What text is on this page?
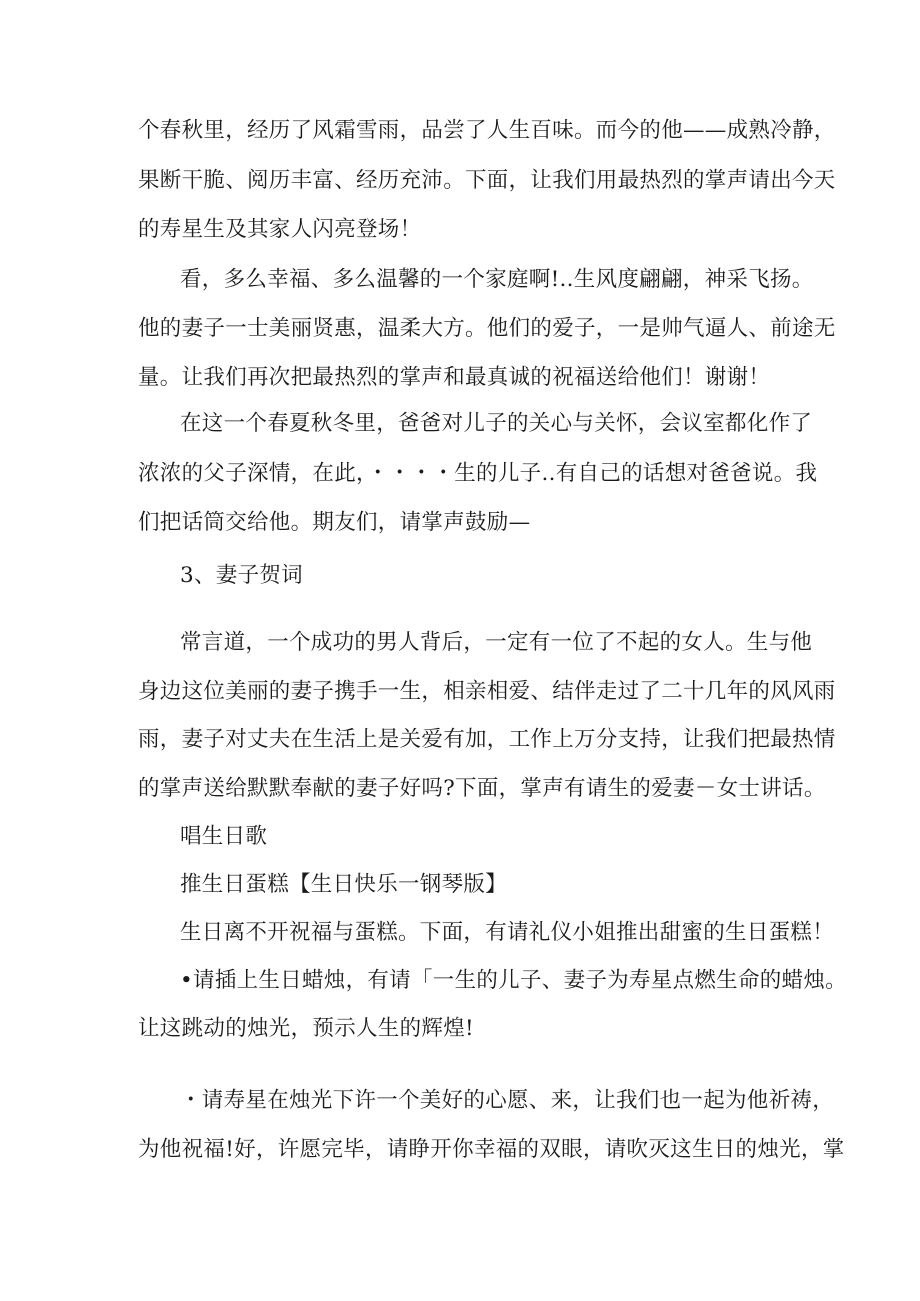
个春秋里，经历了风霜雪雨，品尝了人生百味。而今的他——成熟冷静，
果断干脆、阅历丰富、经历充沛。下面，让我们用最热烈的掌声请出今天
的寿星生及其家人闪亮登场！
看，多么幸福、多么温馨的一个家庭啊!..生风度翩翩，神采飞扬。
他的妻子一士美丽贤惠，温柔大方。他们的爱子，一是帅气逼人、前途无
量。让我们再次把最热烈的掌声和最真诚的祝福送给他们！谢谢！
在这一个春夏秋冬里，爸爸对儿子的关心与关怀，会议室都化作了
浓浓的父子深情，在此，・・・・生的儿子..有自己的话想对爸爸说。我
们把话筒交给他。期友们，请掌声鼓励—
3、妻子贺词
常言道，一个成功的男人背后，一定有一位了不起的女人。生与他
身边这位美丽的妻子携手一生，相亲相爱、结伴走过了二十几年的风风雨
雨，妻子对丈夫在生活上是关爱有加，工作上万分支持，让我们把最热情
的掌声送给默默奉献的妻子好吗?下面，掌声有请生的爱妻－女士讲话。
唱生日歌
推生日蛋糕【生日快乐一钢琴版】
生日离不开祝福与蛋糕。下面，有请礼仪小姐推出甜蜜的生日蛋糕！
•请插上生日蜡烛，有请「一生的儿子、妻子为寿星点燃生命的蜡烛。
让这跳动的烛光，预示人生的辉煌!
・请寿星在烛光下许一个美好的心愿、来，让我们也一起为他祈祷，
为他祝福!好，许愿完毕，请睁开你幸福的双眼，请吹灭这生日的烛光，掌
